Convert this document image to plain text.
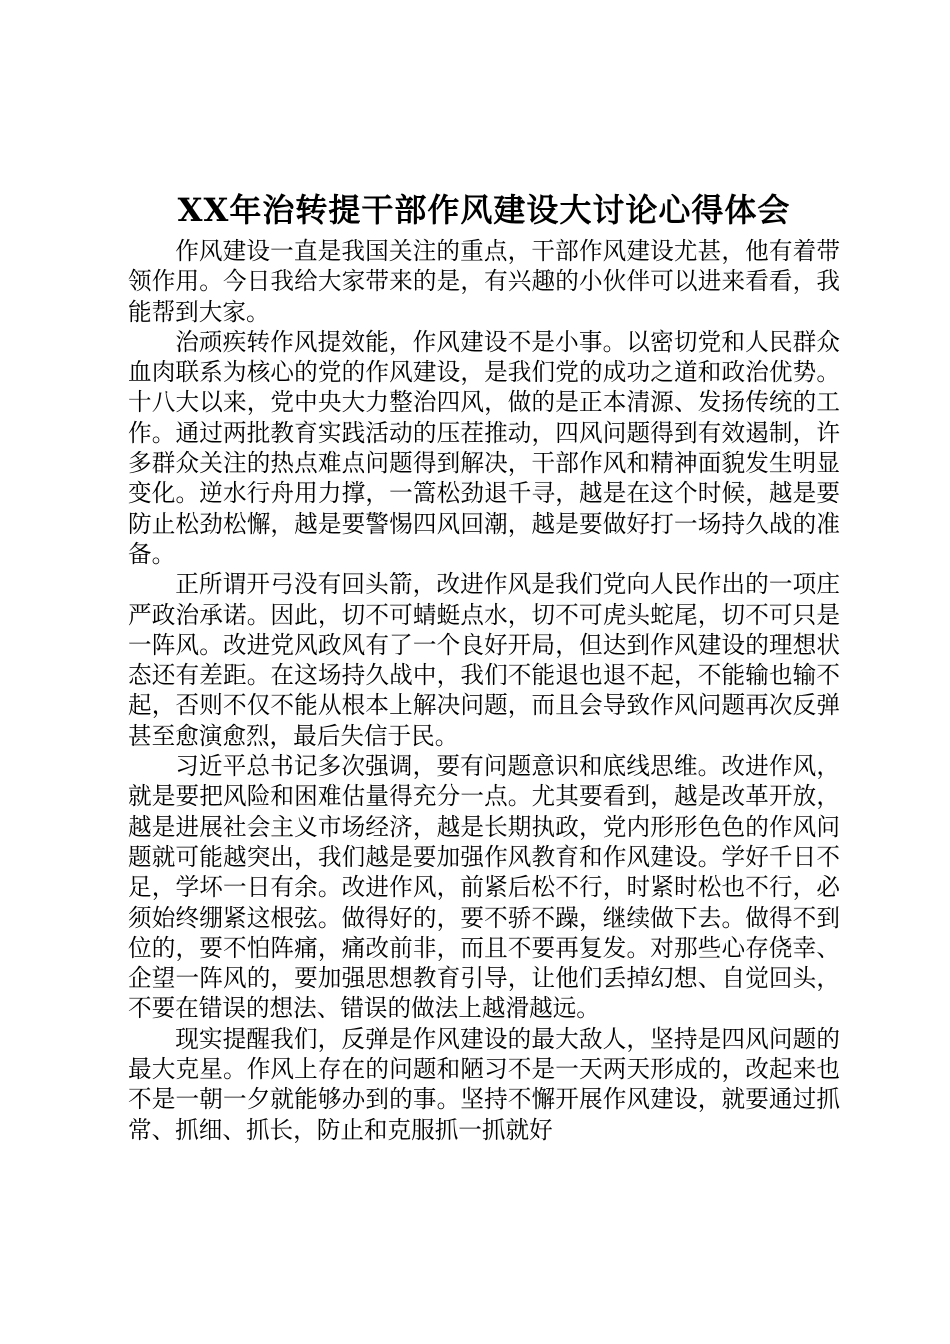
XX年治转提干部作风建设大讨论心得体会

作风建设一直是我国关注的重点，干部作风建设尤甚，他有着带领作用。今日我给大家带来的是，有兴趣的小伙伴可以进来看看，我能帮到大家。

治顽疾转作风提效能，作风建设不是小事。以密切党和人民群众血肉联系为核心的党的作风建设，是我们党的成功之道和政治优势。十八大以来，党中央大力整治四风，做的是正本清源、发扬传统的工作。通过两批教育实践活动的压茬推动，四风问题得到有效遏制，许多群众关注的热点难点问题得到解决，干部作风和精神面貌发生明显变化。逆水行舟用力撑，一篙松劲退千寻，越是在这个时候，越是要防止松劲松懈，越是要警惕四风回潮，越是要做好打一场持久战的准备。

正所谓开弓没有回头箭，改进作风是我们党向人民作出的一项庄严政治承诺。因此，切不可蜻蜓点水，切不可虎头蛇尾，切不可只是一阵风。改进党风政风有了一个良好开局，但达到作风建设的理想状态还有差距。在这场持久战中，我们不能退也退不起，不能输也输不起，否则不仅不能从根本上解决问题，而且会导致作风问题再次反弹甚至愈演愈烈，最后失信于民。

习近平总书记多次强调，要有问题意识和底线思维。改进作风，就是要把风险和困难估量得充分一点。尤其要看到，越是改革开放，越是进展社会主义市场经济，越是长期执政，党内形形色色的作风问题就可能越突出，我们越是要加强作风教育和作风建设。学好千日不足，学坏一日有余。改进作风，前紧后松不行，时紧时松也不行，必须始终绷紧这根弦。做得好的，要不骄不躁，继续做下去。做得不到位的，要不怕阵痛，痛改前非，而且不要再复发。对那些心存侥幸、企望一阵风的，要加强思想教育引导，让他们丢掉幻想、自觉回头，不要在错误的想法、错误的做法上越滑越远。

现实提醒我们，反弹是作风建设的最大敌人，坚持是四风问题的最大克星。作风上存在的问题和陋习不是一天两天形成的，改起来也不是一朝一夕就能够办到的事。坚持不懈开展作风建设，就要通过抓常、抓细、抓长，防止和克服抓一抓就好
